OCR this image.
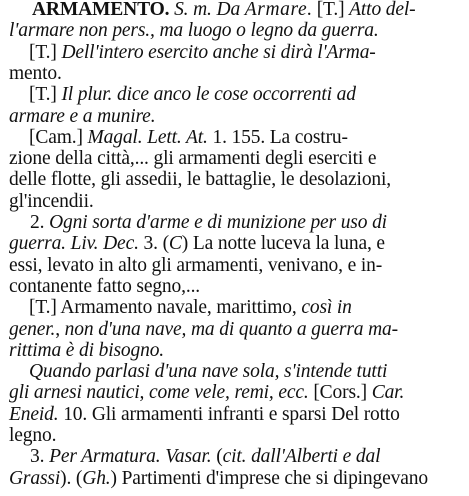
ARMAMENTO. S. m. Da Armare. [T.] Atto del-
l'armare non pers., ma luogo o legno da guerra.
[T.] Dell'intero esercito anche si dirà l'Arma-
mento.
[T.] Il plur. dice anco le cose occorrenti ad
armare e a munire.
[Cam.] Magal. Lett. At. 1. 155. La costru-
zione della città,... gli armamenti degli eserciti e
delle flotte, gli assedii, le battaglie, le desolazioni,
gl'incendii.
2. Ogni sorta d'arme e di munizione per uso di
guerra. Liv. Dec. 3. (C) La notte luceva la luna, e
essi, levato in alto gli armamenti, venivano, e in-
contanente fatto segno,...
[T.] Armamento navale, marittimo, così in
gener., non d'una nave, ma di quanto a guerra ma-
rittima è di bisogno.
Quando parlasi d'una nave sola, s'intende tutti
gli arnesi nautici, come vele, remi, ecc. [Cors.] Car.
Eneid. 10. Gli armamenti infranti e sparsi Del rotto
legno.
3. Per Armatura. Vasar. (cit. dall'Alberti e dal
Grassi). (Gh.) Partimenti d'imprese che si dipingevano
